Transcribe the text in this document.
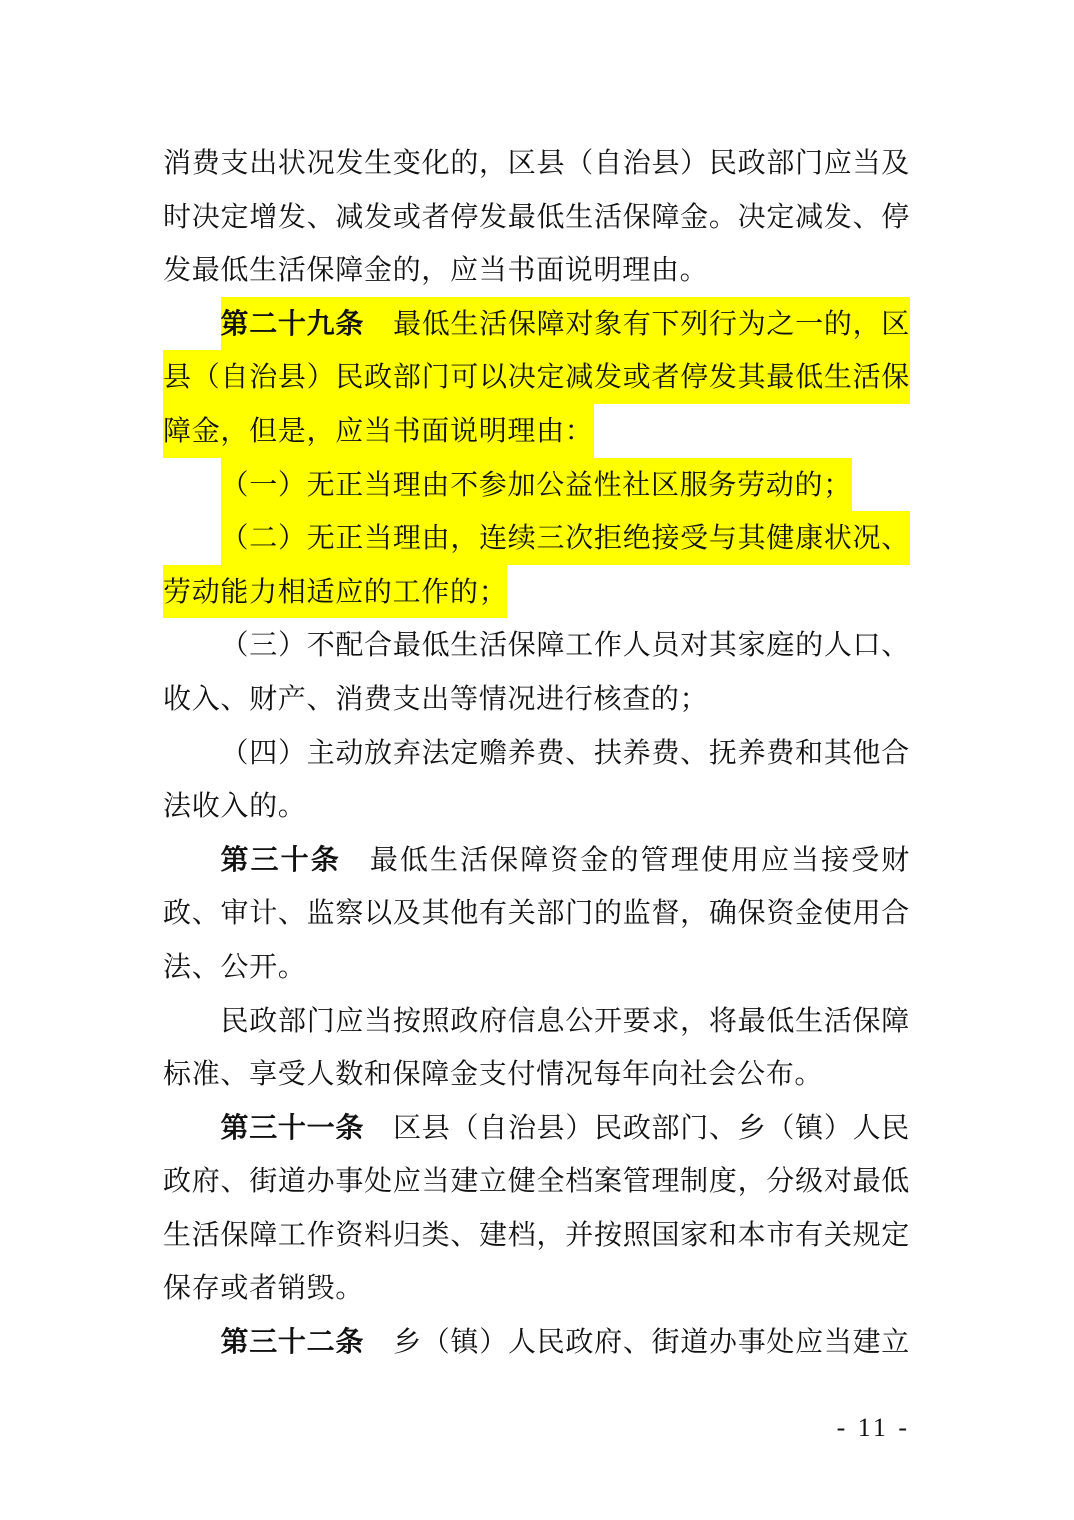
消费支出状况发生变化的，区县（自治县）民政部门应当及
时决定增发、减发或者停发最低生活保障金。决定减发、停
发最低生活保障金的，应当书面说明理由。
第二十九条 最低生活保障对象有下列行为之一的，区
县（自治县）民政部门可以决定减发或者停发其最低生活保
障金，但是，应当书面说明理由：
（一）无正当理由不参加公益性社区服务劳动的；
（二）无正当理由，连续三次拒绝接受与其健康状况、
劳动能力相适应的工作的；
（三）不配合最低生活保障工作人员对其家庭的人口、
收入、财产、消费支出等情况进行核查的；
（四）主动放弃法定赡养费、扶养费、抚养费和其他合
法收入的。
第三十条 最低生活保障资金的管理使用应当接受财
政、审计、监察以及其他有关部门的监督，确保资金使用合
法、公开。
民政部门应当按照政府信息公开要求，将最低生活保障
标准、享受人数和保障金支付情况每年向社会公布。
第三十一条 区县（自治县）民政部门、乡（镇）人民
政府、街道办事处应当建立健全档案管理制度，分级对最低
生活保障工作资料归类、建档，并按照国家和本市有关规定
保存或者销毁。
第三十二条 乡（镇）人民政府、街道办事处应当建立
- 11 -
